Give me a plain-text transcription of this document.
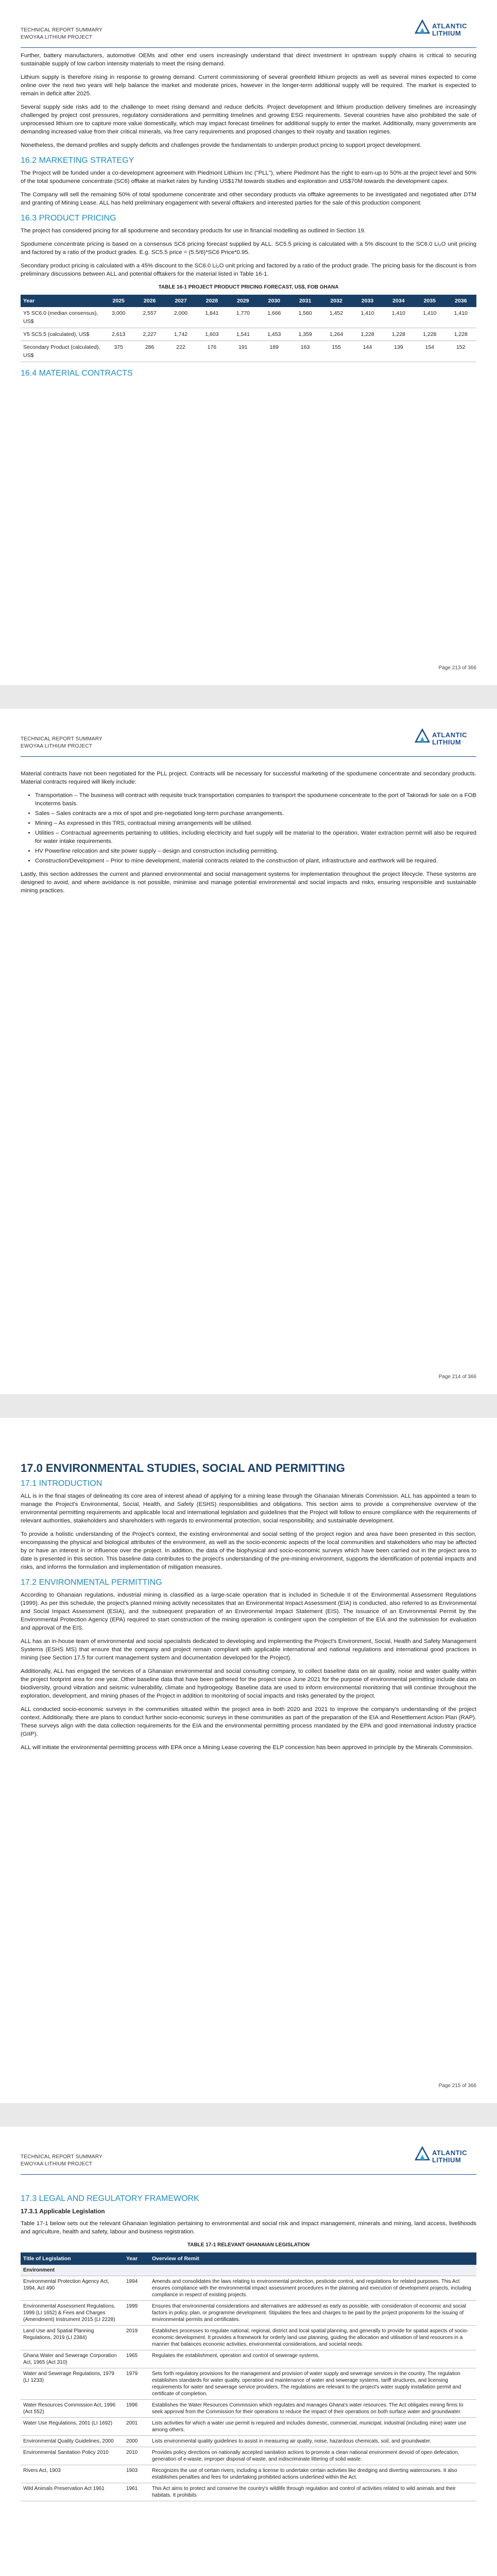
TECHNICAL REPORT SUMMARY
EWOYAA LITHIUM PROJECT
ATLANTIC
LITHIUM

Further, battery manufacturers, automotive OEMs and other end users increasingly understand that direct investment in upstream supply chains is critical to securing sustainable supply of low carbon intensity materials to meet the rising demand.

Lithium supply is therefore rising in response to growing demand. Current commissioning of several greenfield lithium projects as well as several mines expected to come online over the next two years will help balance the market and moderate prices, however in the longer-term additional supply will be required. The market is expected to remain in deficit after 2025.

Several supply side risks add to the challenge to meet rising demand and reduce deficits. Project development and lithium production delivery timelines are increasingly challenged by project cost pressures, regulatory considerations and permitting timelines and growing ESG requirements. Several countries have also prohibited the sale of unprocessed lithium ore to capture more value domestically, which may impact forecast timelines for additional supply to enter the market. Additionally, many governments are demanding increased value from their critical minerals, via free carry requirements and proposed changes to their royalty and taxation regimes.

Nonetheless, the demand profiles and supply deficits and challenges provide the fundamentals to underpin product pricing to support project development.

16.2 MARKETING STRATEGY

The Project will be funded under a co-development agreement with Piedmont Lithium Inc ("PLL"), where Piedmont has the right to earn-up to 50% at the project level and 50% of the total spodumene concentrate (SC6) offtake at market rates by funding US$17M towards studies and exploration and US$70M towards the development capex.

The Company will sell the remaining 50% of total spodumene concentrate and other secondary products via offtake agreements to be investigated and negotiated after DTM and granting of Mining Lease. ALL has held preliminary engagement with several offtakers and interested parties for the sale of this production component.

16.3 PRODUCT PRICING

The project has considered pricing for all spodumene and secondary products for use in financial modelling as outlined in Section 19.

Spodumene concentrate pricing is based on a consensus SC6 pricing forecast supplied by ALL. SC5.5 pricing is calculated with a 5% discount to the SC6.0 Li₂O unit pricing and factored by a ratio of the product grades. E.g. SC5.5 price = (5.5/6)*SC6 Price*0.95.

Secondary product pricing is calculated with a 45% discount to the SC6.0 Li₂O unit pricing and factored by a ratio of the product grade. The pricing basis for the discount is from preliminary discussions between ALL and potential offtakers for the material listed in Table 16-1.

TABLE 16-1 PROJECT PRODUCT PRICING FORECAST, US$, FOB GHANA
Year	2025	2026	2027	2028	2029	2030	2031	2032	2033	2034	2035	2036
Y5 SC6.0 (median consensus), US$	3,000	2,557	2,000	1,841	1,770	1,666	1,560	1,452	1,410	1,410	1,410	1,410
Y5 SC5.5 (calculated), US$	2,613	2,227	1,742	1,603	1,541	1,453	1,359	1,264	1,228	1,228	1,228	1,228
Secondary Product (calculated), US$	375	286	222	176	191	189	163	155	144	139	154	152
16.4 MATERIAL CONTRACTS
Page 213 of 366
TECHNICAL REPORT SUMMARY
EWOYAA LITHIUM PROJECT
ATLANTIC
LITHIUM

Material contracts have not been negotiated for the PLL project. Contracts will be necessary for successful marketing of the spodumene concentrate and secondary products. Material contracts required will likely include:

• Transportation – The business will contract with requisite truck transportation companies to transport the spodumene concentrate to the port of Takoradi for sale on a FOB Incoterms basis.
• Sales – Sales contracts are a mix of spot and pre-negotiated long-term purchase arrangements.
• Mining – As expressed in this TRS, contractual mining arrangements will be utilised.
• Utilities – Contractual agreements pertaining to utilities, including electricity and fuel supply will be material to the operation. Water extraction permit will also be required for water intake requirements.
• HV Powerline relocation and site power supply – design and construction including permitting.
• Construction/Development – Prior to mine development, material contracts related to the construction of plant, infrastructure and earthwork will be required.

Lastly, this section addresses the current and planned environmental and social management systems for implementation throughout the project lifecycle. These systems are designed to avoid, and where avoidance is not possible, minimise and manage potential environmental and social impacts and risks, ensuring responsible and sustainable mining practices.

Page 214 of 366
17.0 ENVIRONMENTAL STUDIES, SOCIAL AND PERMITTING
17.1 INTRODUCTION

ALL is in the final stages of delineating its core area of interest ahead of applying for a mining lease through the Ghanaian Minerals Commission. ALL has appointed a team to manage the Project's Environmental, Social, Health, and Safety (ESHS) responsibilities and obligations. This section aims to provide a comprehensive overview of the environmental permitting requirements and applicable local and international legislation and guidelines that the Project will follow to ensure compliance with the requirements of relevant authorities, stakeholders and shareholders with regards to environmental protection, social responsibility, and sustainable development.

To provide a holistic understanding of the Project's context, the existing environmental and social setting of the project region and area have been presented in this section, encompassing the physical and biological attributes of the environment, as well as the socio-economic aspects of the local communities and stakeholders who may be affected by or have an interest in or influence over the project. In addition, the data of the biophysical and socio-economic surveys which have been carried out in the project area to date is presented in this section. This baseline data contributes to the project's understanding of the pre-mining environment, supports the identification of potential impacts and risks, and informs the formulation and implementation of mitigation measures.

17.2 ENVIRONMENTAL PERMITTING

According to Ghanaian regulations, industrial mining is classified as a large-scale operation that is included in Schedule II of the Environmental Assessment Regulations (1999). As per this schedule, the project's planned mining activity necessitates that an Environmental Impact Assessment (EIA) is conducted, also referred to as Environmental and Social Impact Assessment (ESIA), and the subsequent preparation of an Environmental Impact Statement (EIS). The issuance of an Environmental Permit by the Environmental Protection Agency (EPA) required to start construction of the mining operation is contingent upon the completion of the EIA and the submission for evaluation and approval of the EIS.

ALL has an in-house team of environmental and social specialists dedicated to developing and implementing the Project's Environment, Social, Health and Safety Management Systems (ESHS MS) that ensure that the company and project remain compliant with applicable international and national regulations and international good practices in mining (see Section 17.5 for current management system and documentation developed for the Project).

Additionally, ALL has engaged the services of a Ghanaian environmental and social consulting company, to collect baseline data on air quality, noise and water quality within the project footprint area for one year. Other baseline data that have been gathered for the project since June 2021 for the purpose of environmental permitting include data on biodiversity, ground vibration and seismic vulnerability, climate and hydrogeology. Baseline data are used to inform environmental monitoring that will continue throughout the exploration, development, and mining phases of the Project in addition to monitoring of social impacts and risks generated by the project.

ALL conducted socio-economic surveys in the communities situated within the project area in both 2020 and 2021 to improve the company's understanding of the project context. Additionally, there are plans to conduct further socio-economic surveys in these communities as part of the preparation of the EIA and Resettlement Action Plan (RAP). These surveys align with the data collection requirements for the EIA and the environmental permitting process mandated by the EPA and good international industry practice (GIIP).

ALL will initiate the environmental permitting process with EPA once a Mining Lease covering the ELP concession has been approved in principle by the Minerals Commission.

Page 215 of 366
TECHNICAL REPORT SUMMARY
EWOYAA LITHIUM PROJECT
ATLANTIC
LITHIUM
17.3 LEGAL AND REGULATORY FRAMEWORK
17.3.1 Applicable Legislation

Table 17-1 below sets out the relevant Ghanaian legislation pertaining to environmental and social risk and impact management, minerals and mining, land access, livelihoods and agriculture, health and safety, labour and business registration.

TABLE 17-1 RELEVANT GHANAIAN LEGISLATION
Title of Legislation	Year	Overview of Remit
Environment		
Environmental Protection Agency Act, 1994, Act 490	1994	Amends and consolidates the laws relating to environmental protection, pesticide control, and regulations for related purposes. This Act ensures compliance with the environmental impact assessment procedures in the planning and execution of development projects, including compliance in respect of existing projects.
Environmental Assessment Regulations, 1999 (LI 1652) & Fees and Charges (Amendment) Instrument 2015 (LI 2228)	1999	Ensures that environmental considerations and alternatives are addressed as early as possible, with consideration of economic and social factors in policy, plan, or programme development. Stipulates the fees and charges to be paid by the project proponents for the issuing of environmental permits and certificates.
Land Use and Spatial Planning Regulations, 2019 (LI 2384)	2019	Establishes processes to regulate national, regional, district and local spatial planning, and generally to provide for spatial aspects of socio-economic development. It provides a framework for orderly land use planning, guiding the allocation and utilisation of land resources in a manner that balances economic activities, environmental considerations, and societal needs.
Ghana Water and Sewerage Corporation Act, 1965 (Act 310)	1965	Regulates the establishment, operation and control of sewerage systems.
Water and Sewerage Regulations, 1979 (LI 1233)	1979	Sets forth regulatory provisions for the management and provision of water supply and sewerage services in the country. The regulation establishes standards for water quality, operation and maintenance of water and sewerage systems, tariff structures, and licensing requirements for water and sewerage service providers. The regulations are relevant to the project's water supply installation permit and certificate of completion.
Water Resources Commission Act, 1996 (Act 552)	1996	Establishes the Water Resources Commission which regulates and manages Ghana's water resources. The Act obligates mining firms to seek approval from the Commission for their operations to reduce the impact of their operations on both surface water and groundwater.
Water Use Regulations, 2001 (LI 1692)	2001	Lists activities for which a water use permit is required and includes domestic, commercial, municipal, industrial (including mine) water use among others.
Environmental Quality Guidelines, 2000	2000	Lists environmental quality guidelines to assist in measuring air quality, noise, hazardous chemicals, soil, and groundwater.
Environmental Sanitation Policy 2010	2010	Provides policy directions on nationally accepted sanitation actions to promote a clean national environment devoid of open defecation, generation of e-waste, improper disposal of waste, and indiscriminate littering of solid waste.
Rivers Act, 1903	1903	Recognizes the use of certain rivers, including a license to undertake certain activities like dredging and diverting watercourses. It also establishes penalties and fees for undertaking prohibited actions underlined within the Act.
Wild Animals Preservation Act 1961	1961	This Act aims to protect and conserve the country's wildlife through regulation and control of activities related to wild animals and their habitats. It prohibits
